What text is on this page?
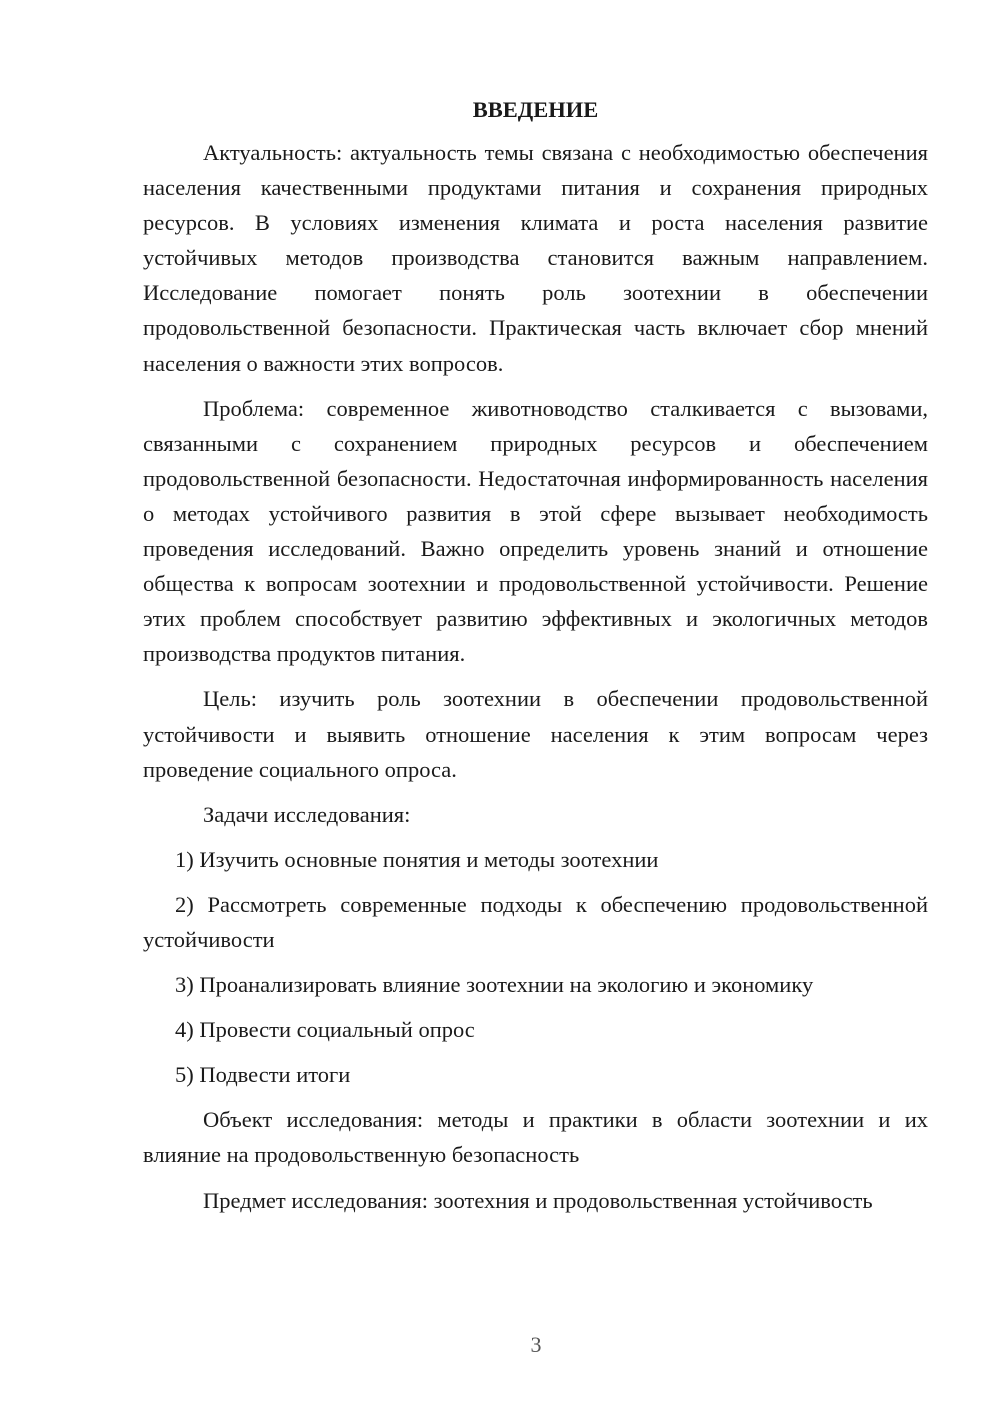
ВВЕДЕНИЕ

Актуальность: актуальность темы связана с необходимостью обеспечения населения качественными продуктами питания и сохранения природных ресурсов. В условиях изменения климата и роста населения развитие устойчивых методов производства становится важным направлением. Исследование помогает понять роль зоотехнии в обеспечении продовольственной безопасности. Практическая часть включает сбор мнений населения о важности этих вопросов.

Проблема: современное животноводство сталкивается с вызовами, связанными с сохранением природных ресурсов и обеспечением продовольственной безопасности. Недостаточная информированность населения о методах устойчивого развития в этой сфере вызывает необходимость проведения исследований. Важно определить уровень знаний и отношение общества к вопросам зоотехнии и продовольственной устойчивости. Решение этих проблем способствует развитию эффективных и экологичных методов производства продуктов питания.

Цель: изучить роль зоотехнии в обеспечении продовольственной устойчивости и выявить отношение населения к этим вопросам через проведение социального опроса.

Задачи исследования:

1) Изучить основные понятия и методы зоотехнии

2) Рассмотреть современные подходы к обеспечению продовольственной устойчивости

3) Проанализировать влияние зоотехнии на экологию и экономику

4) Провести социальный опрос

5) Подвести итоги

Объект исследования: методы и практики в области зоотехнии и их влияние на продовольственную безопасность

Предмет исследования: зоотехния и продовольственная устойчивость

3
